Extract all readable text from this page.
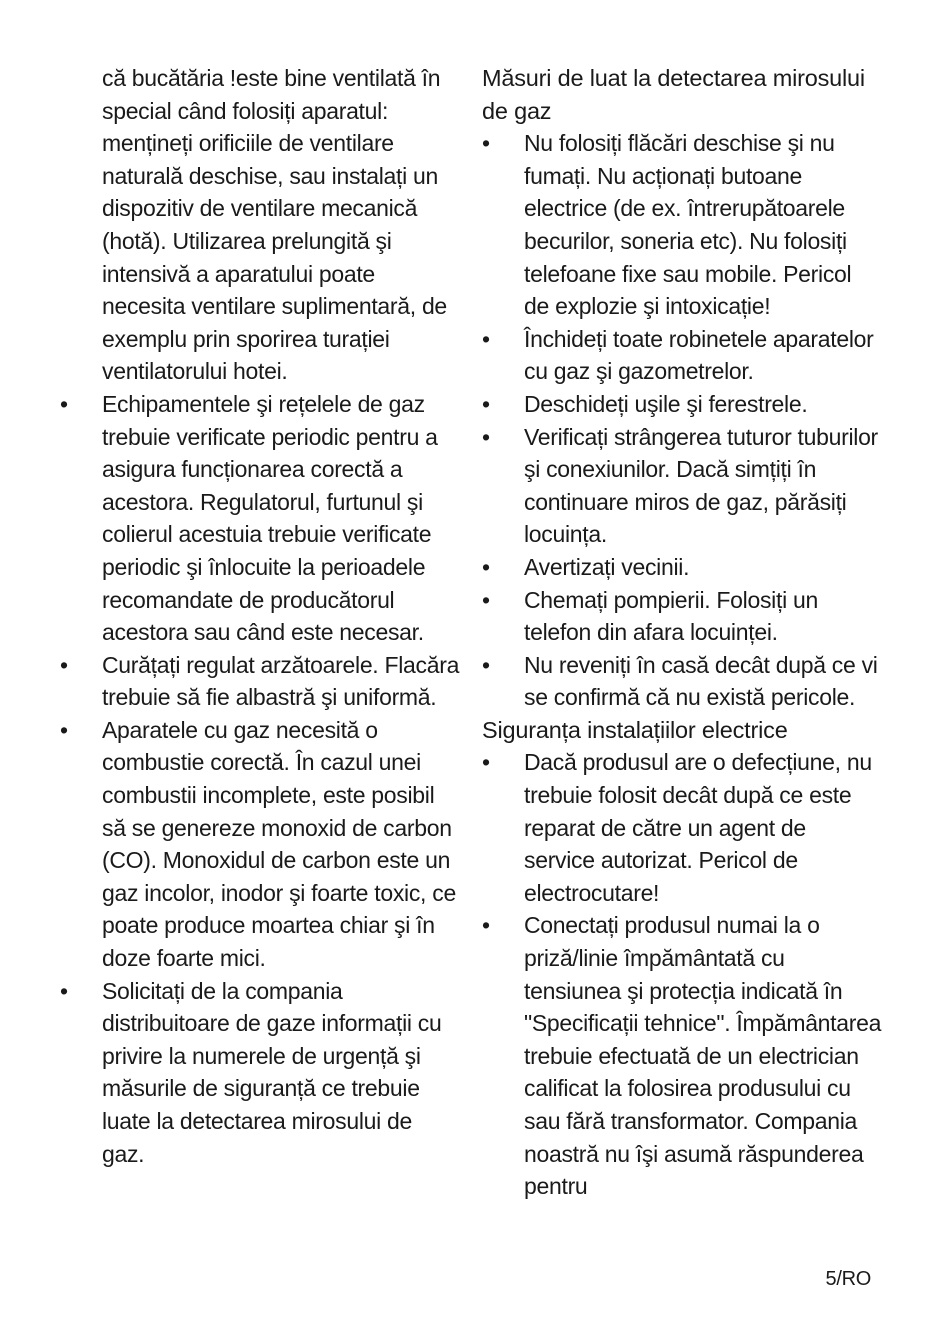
că bucătăria !este bine ventilată în special când folosiți aparatul: mențineți orificiile de ventilare naturală deschise, sau instalați un dispozitiv de ventilare mecanică (hotă). Utilizarea prelungită şi intensivă a aparatului poate necesita ventilare suplimentară, de exemplu prin sporirea turației ventilatorului hotei.

•	Echipamentele şi rețelele de gaz trebuie verificate periodic pentru a asigura funcționarea corectă a acestora. Regulatorul, furtunul şi colierul acestuia trebuie verificate periodic şi înlocuite la perioadele recomandate de producătorul acestora sau când este necesar.
•	Curățați regulat arzătoarele. Flacăra trebuie să fie albastră şi uniformă.
•	Aparatele cu gaz necesită o combustie corectă. În cazul unei combustii incomplete, este posibil să se genereze monoxid de carbon (CO). Monoxidul de carbon este un gaz incolor, inodor şi foarte toxic, ce poate produce moartea chiar şi în doze foarte mici.
•	Solicitați de la compania distribuitoare de gaze informații cu privire la numerele de urgență şi măsurile de siguranță ce trebuie luate la detectarea mirosului de gaz.
Măsuri de luat la detectarea mirosului de gaz
•	Nu folosiți flăcări deschise şi nu fumați. Nu acționați butoane electrice (de ex. întrerupătoarele becurilor, soneria etc). Nu folosiți telefoane fixe sau mobile. Pericol de explozie şi intoxicație!
•	Închideți toate robinetele aparatelor cu gaz şi gazometrelor.
•	Deschideți uşile şi ferestrele.
•	Verificați strângerea tuturor tuburilor şi conexiunilor. Dacă simțiți în continuare miros de gaz, părăsiți locuința.
•	Avertizați vecinii.
•	Chemați pompierii. Folosiți un telefon din afara locuinței.
•	Nu reveniți în casă decât după ce vi se confirmă că nu există pericole.
Siguranța instalațiilor electrice
•	Dacă produsul are o defecțiune, nu trebuie folosit decât după ce este reparat de către un agent de service autorizat. Pericol de electrocutare!
•	Conectați produsul numai la o priză/linie împământată cu tensiunea şi protecția indicată în "Specificații tehnice". Împământarea trebuie efectuată de un electrician calificat la folosirea produsului cu sau fără transformator. Compania noastră nu îşi asumă răspunderea pentru
5/RO
